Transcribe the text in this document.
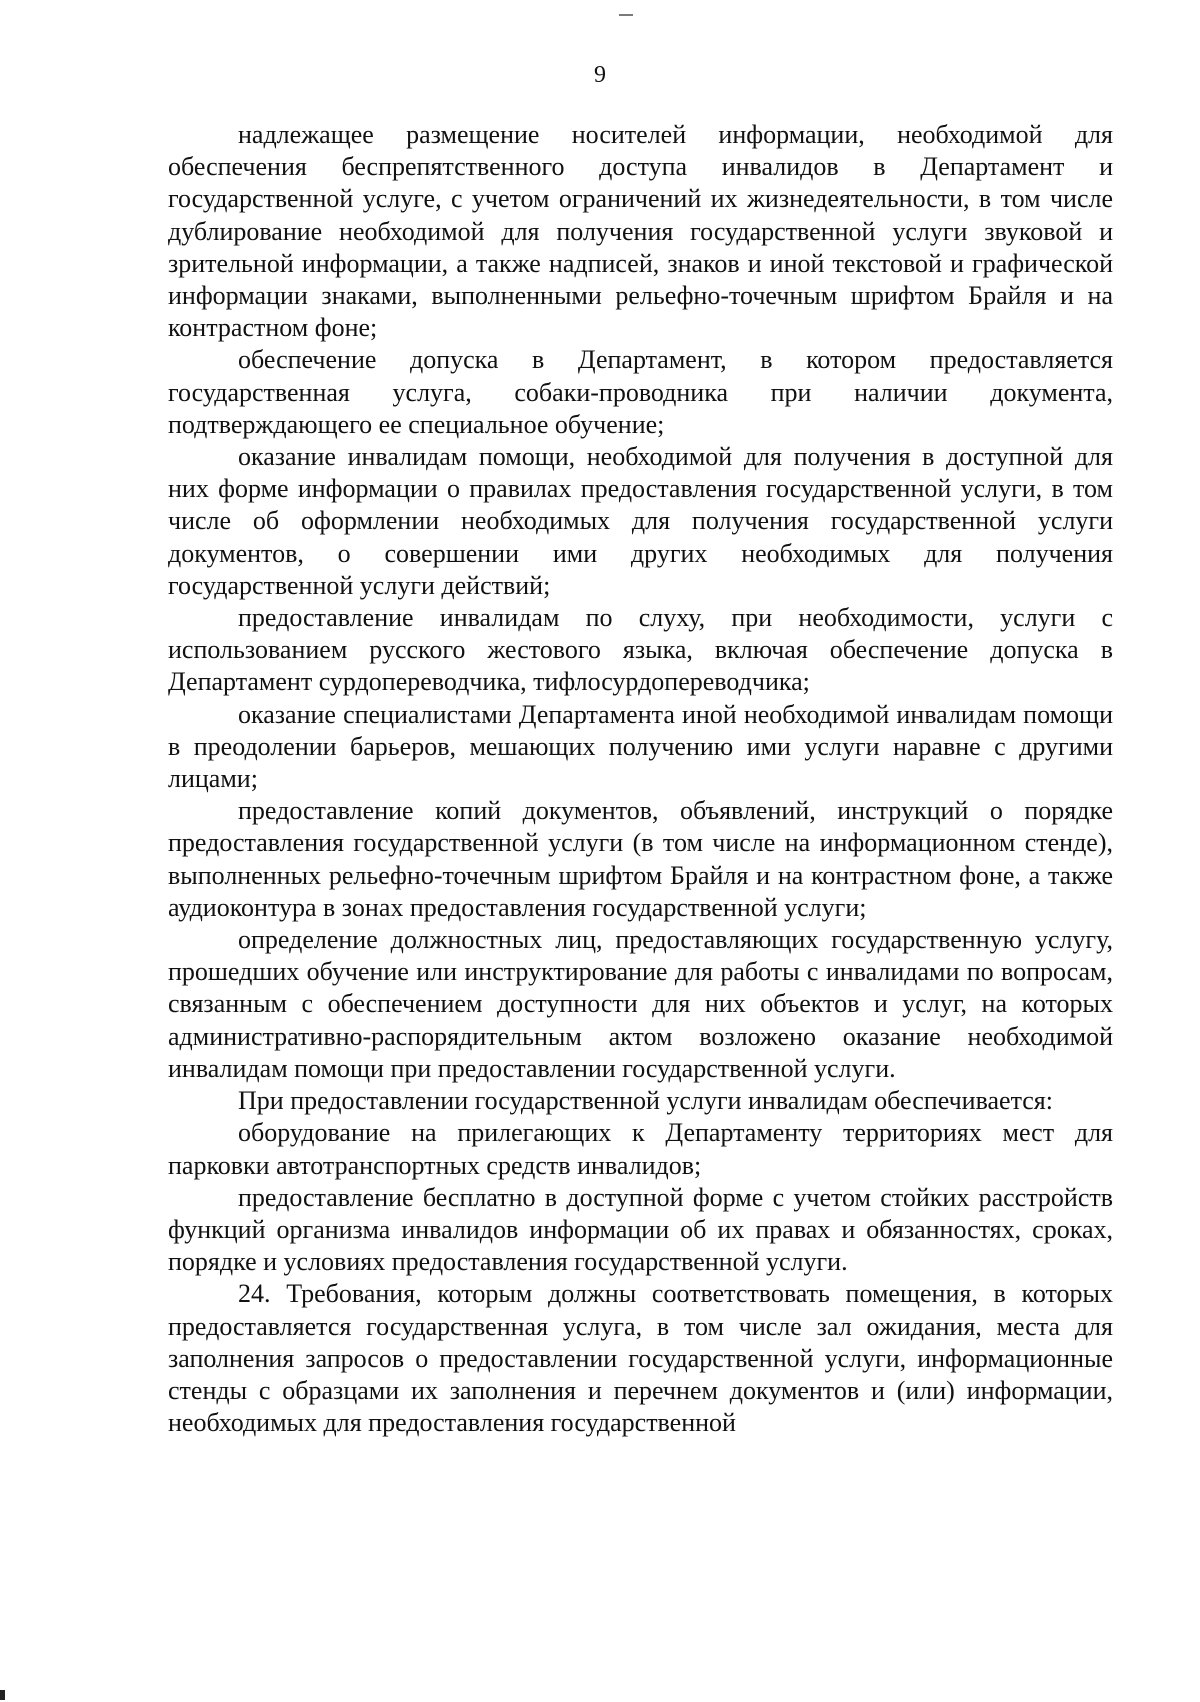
9

надлежащее размещение носителей информации, необходимой для обеспечения беспрепятственного доступа инвалидов в Департамент и государственной услуге, с учетом ограничений их жизнедеятельности, в том числе дублирование необходимой для получения государственной услуги звуковой и зрительной информации, а также надписей, знаков и иной текстовой и графической информации знаками, выполненными рельефно-точечным шрифтом Брайля и на контрастном фоне;

обеспечение допуска в Департамент, в котором предоставляется государственная услуга, собаки-проводника при наличии документа, подтверждающего ее специальное обучение;

оказание инвалидам помощи, необходимой для получения в доступной для них форме информации о правилах предоставления государственной услуги, в том числе об оформлении необходимых для получения государственной услуги документов, о совершении ими других необходимых для получения государственной услуги действий;

предоставление инвалидам по слуху, при необходимости, услуги с использованием русского жестового языка, включая обеспечение допуска в Департамент сурдопереводчика, тифлосурдопереводчика;

оказание специалистами Департамента иной необходимой инвалидам помощи в преодолении барьеров, мешающих получению ими услуги наравне с другими лицами;

предоставление копий документов, объявлений, инструкций о порядке предоставления государственной услуги (в том числе на информационном стенде), выполненных рельефно-точечным шрифтом Брайля и на контрастном фоне, а также аудиоконтура в зонах предоставления государственной услуги;

определение должностных лиц, предоставляющих государственную услугу, прошедших обучение или инструктирование для работы с инвалидами по вопросам, связанным с обеспечением доступности для них объектов и услуг, на которых административно-распорядительным актом возложено оказание необходимой инвалидам помощи при предоставлении государственной услуги.

При предоставлении государственной услуги инвалидам обеспечивается:

оборудование на прилегающих к Департаменту территориях мест для парковки автотранспортных средств инвалидов;

предоставление бесплатно в доступной форме с учетом стойких расстройств функций организма инвалидов информации об их правах и обязанностях, сроках, порядке и условиях предоставления государственной услуги.

24. Требования, которым должны соответствовать помещения, в которых предоставляется государственная услуга, в том числе зал ожидания, места для заполнения запросов о предоставлении государственной услуги, информационные стенды с образцами их заполнения и перечнем документов и (или) информации, необходимых для предоставления государственной
